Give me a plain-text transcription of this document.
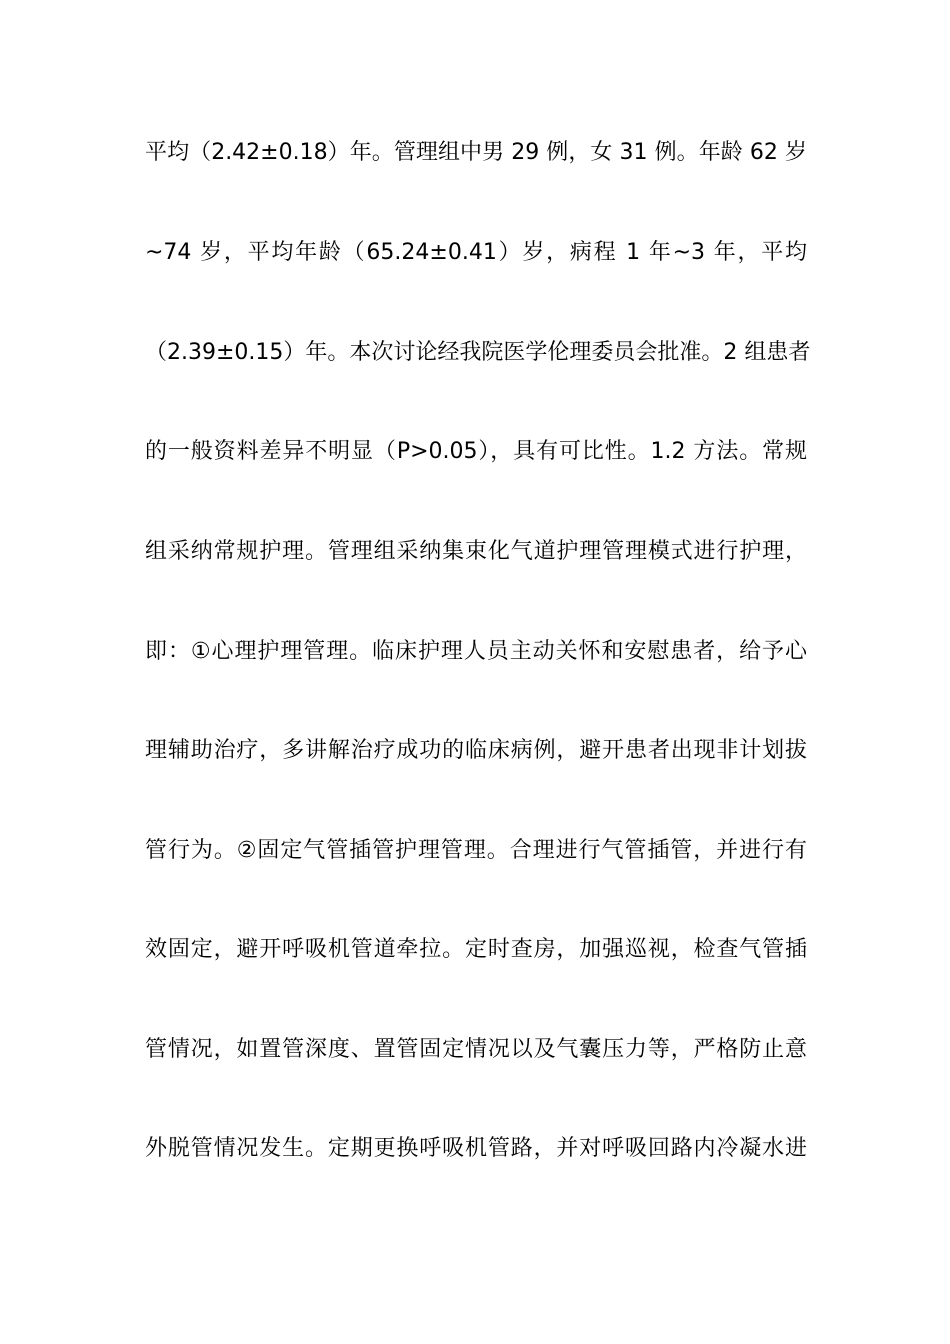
平均（2.42±0.18）年。管理组中男 29 例，女 31 例。年龄 62 岁
~74 岁，平均年龄（65.24±0.41）岁，病程 1 年~3 年，平均
（2.39±0.15）年。本次讨论经我院医学伦理委员会批准。2 组患者
的一般资料差异不明显（P>0.05），具有可比性。1.2 方法。常规
组采纳常规护理。管理组采纳集束化气道护理管理模式进行护理，
即：①心理护理管理。临床护理人员主动关怀和安慰患者，给予心
理辅助治疗，多讲解治疗成功的临床病例，避开患者出现非计划拔
管行为。②固定气管插管护理管理。合理进行气管插管，并进行有
效固定，避开呼吸机管道牵拉。定时查房，加强巡视，检查气管插
管情况，如置管深度、置管固定情况以及气囊压力等，严格防止意
外脱管情况发生。定期更换呼吸机管路，并对呼吸回路内冷凝水进
